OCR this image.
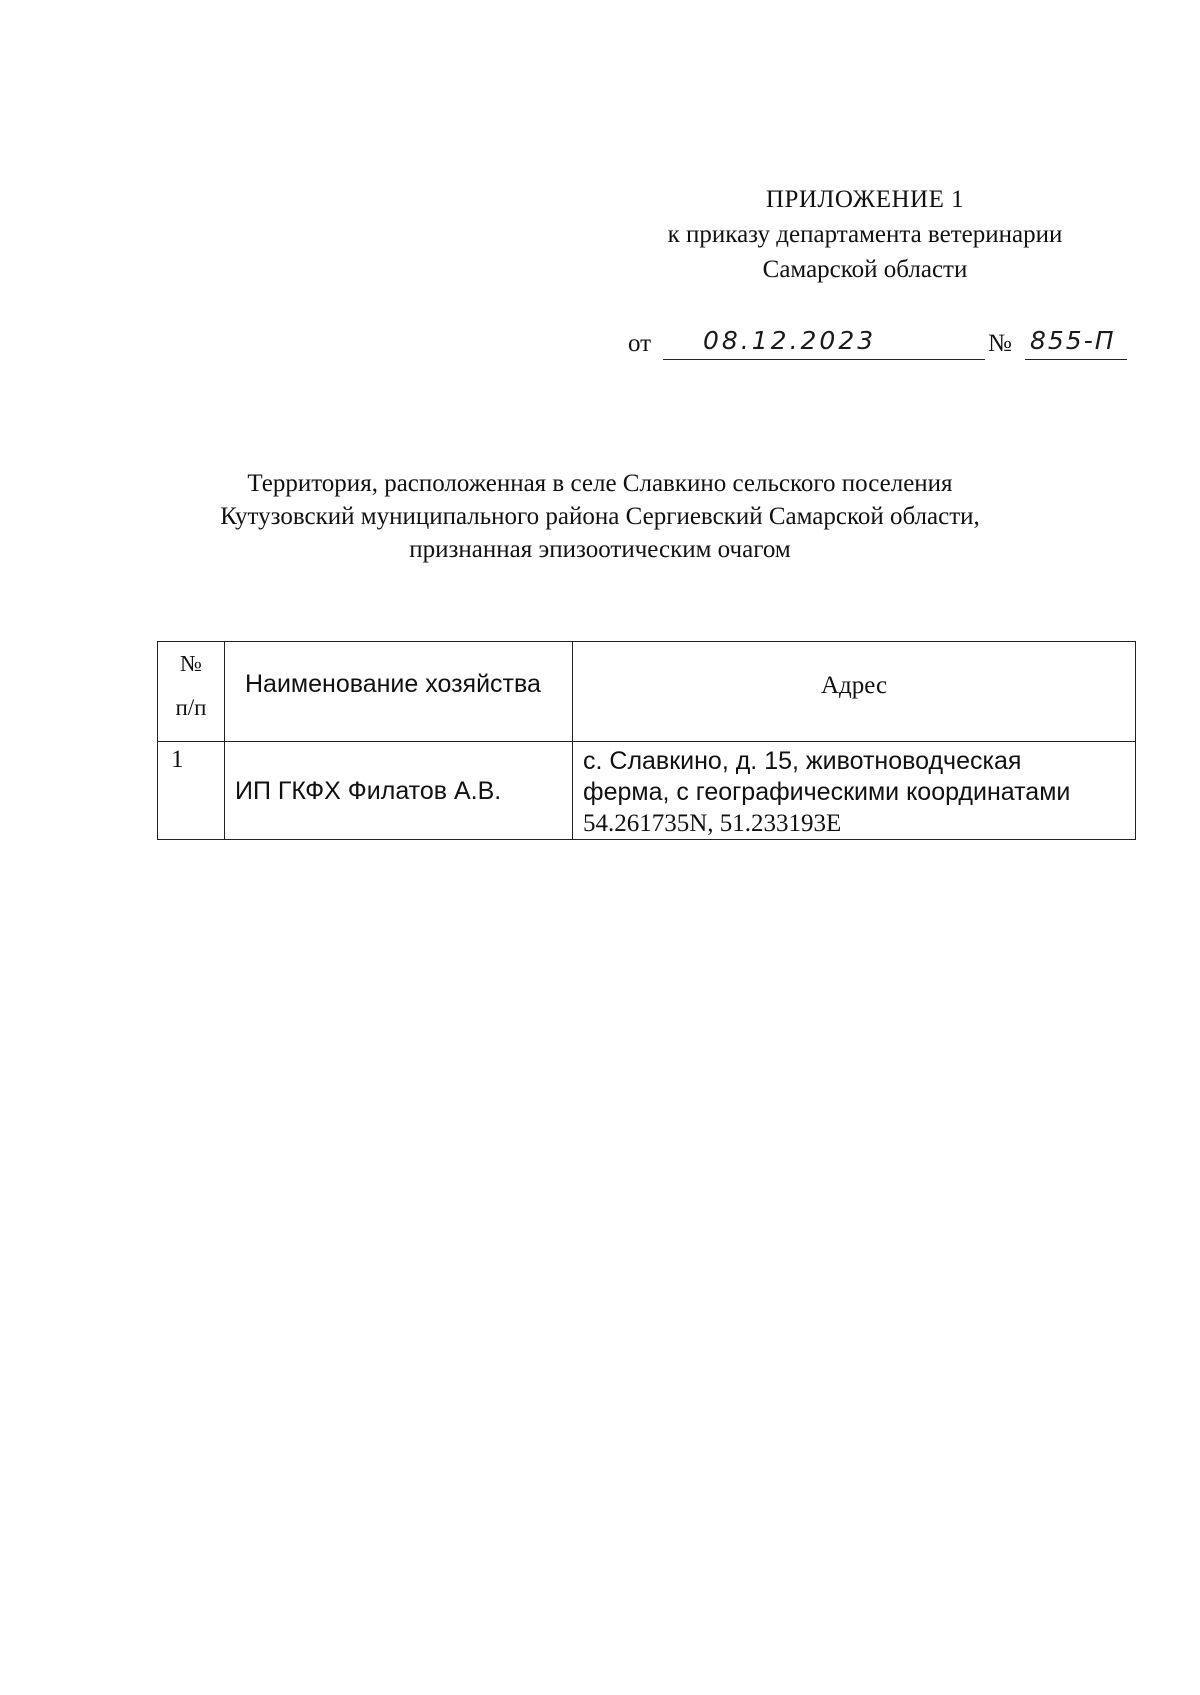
ПРИЛОЖЕНИЕ 1
к приказу департамента ветеринарии
Самарской области
от 08.12.2023	№ 855-П
Территория, расположенная в селе Славкино сельского поселения
Кутузовский муниципального района Сергиевский Самарской области,
признанная эпизоотическим очагом
№
п/п	Наименование хозяйства	Адрес
1	ИП ГКФХ Филатов А.В.	с. Славкино, д. 15, животноводческая
ферма, с географическими координатами
54.261735N, 51.233193E
